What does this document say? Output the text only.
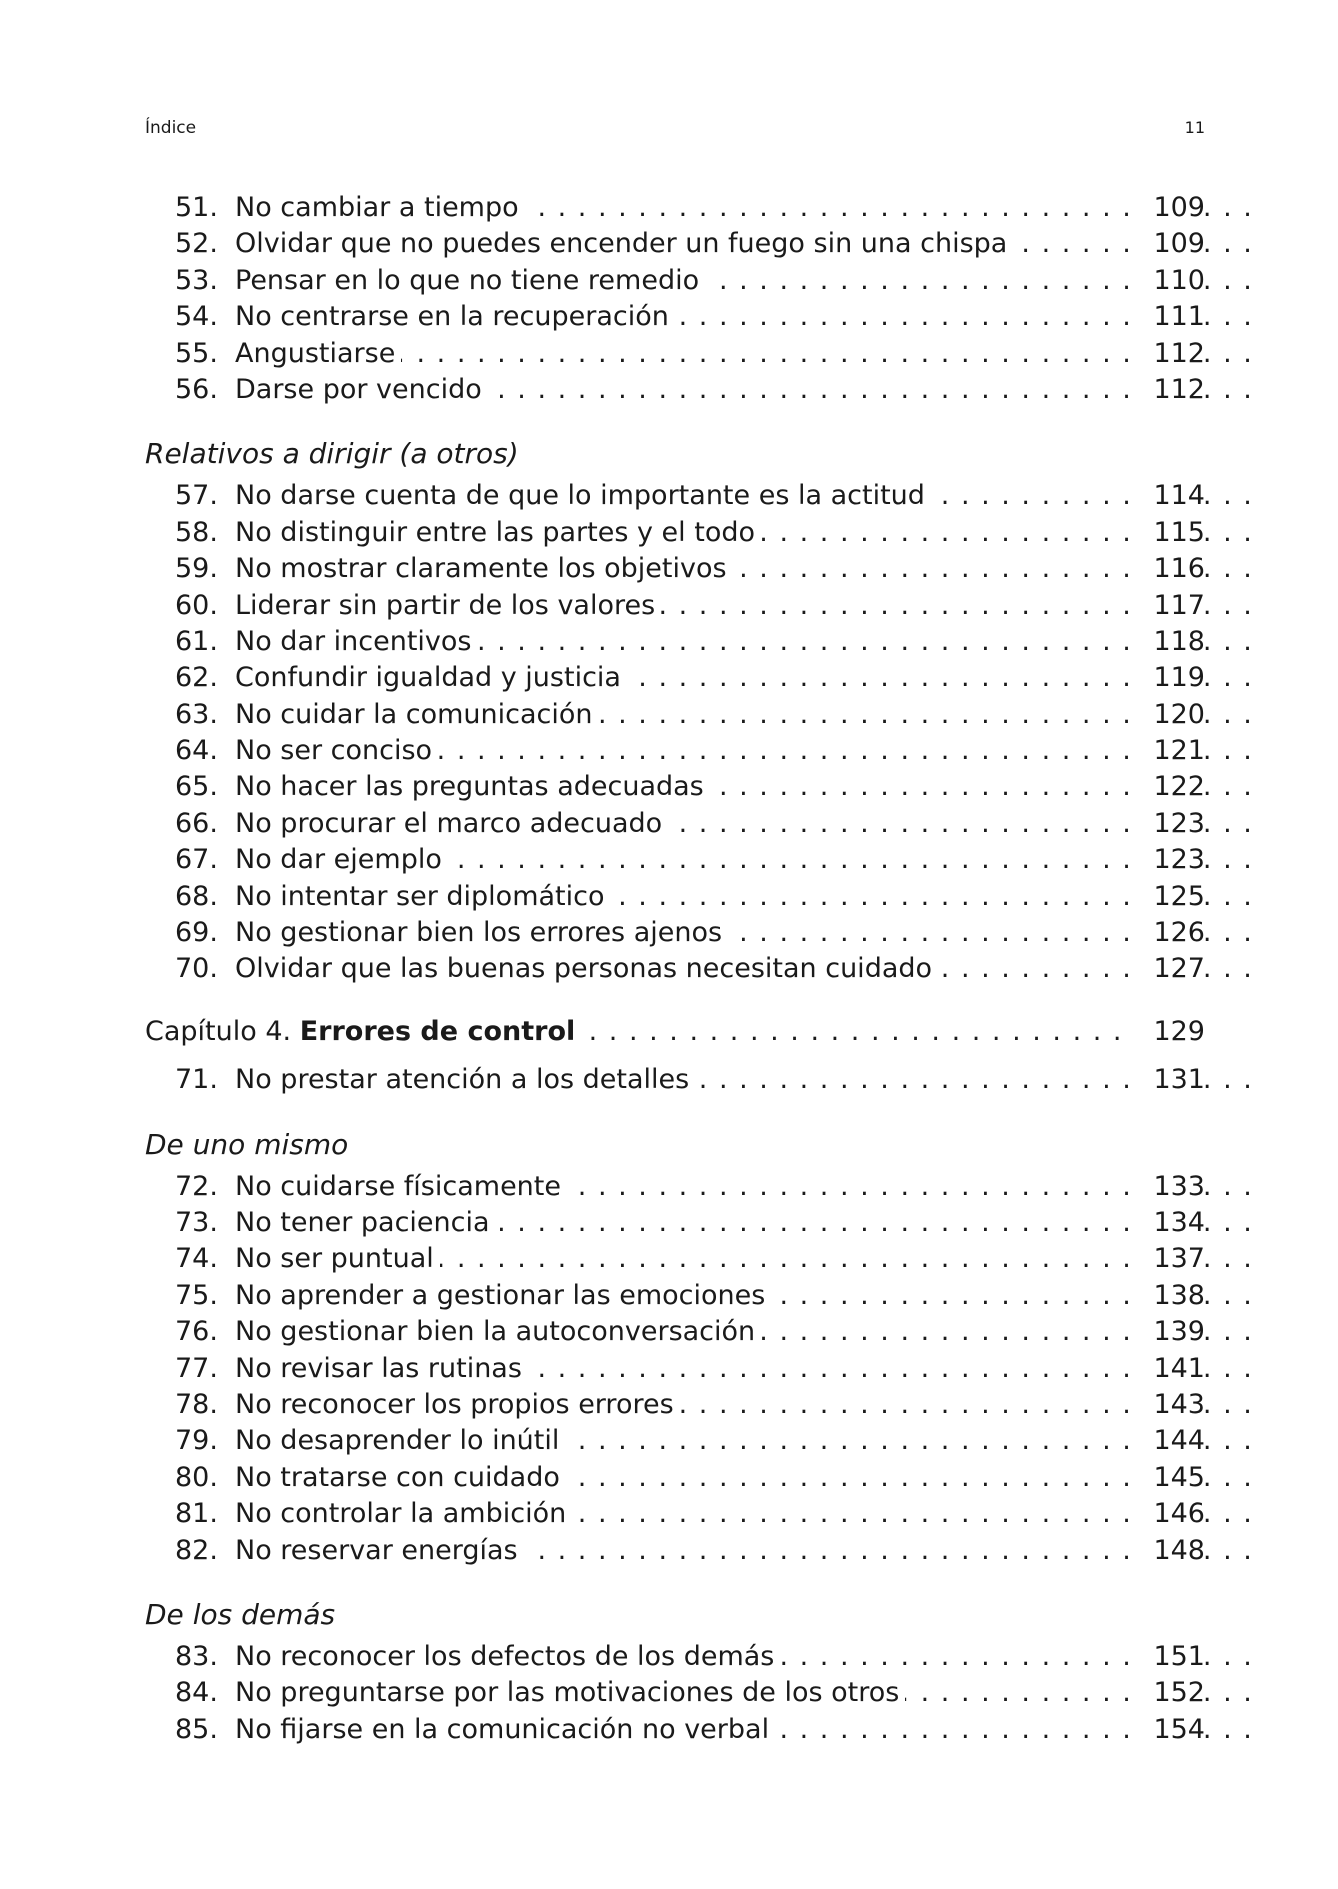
Índice	11
51. No cambiar a tiempo . . .	109
52. Olvidar que no puedes encender un fuego sin una chispa . . .	109
53. Pensar en lo que no tiene remedio . . .	110
54. No centrarse en la recuperación . . .	111
55. Angustiarse . . .	112
56. Darse por vencido . . .	112
Relativos a dirigir (a otros)
57. No darse cuenta de que lo importante es la actitud . . .	114
58. No distinguir entre las partes y el todo . . .	115
59. No mostrar claramente los objetivos . . .	116
60. Liderar sin partir de los valores . . .	117
61. No dar incentivos . . .	118
62. Confundir igualdad y justicia . . .	119
63. No cuidar la comunicación . . .	120
64. No ser conciso . . .	121
65. No hacer las preguntas adecuadas . . .	122
66. No procurar el marco adecuado . . .	123
67. No dar ejemplo . . .	123
68. No intentar ser diplomático . . .	125
69. No gestionar bien los errores ajenos . . .	126
70. Olvidar que las buenas personas necesitan cuidado . . .	127
Capítulo 4. Errores de control . . .	129
71. No prestar atención a los detalles . . .	131
De uno mismo
72. No cuidarse físicamente . . .	133
73. No tener paciencia . . .	134
74. No ser puntual . . .	137
75. No aprender a gestionar las emociones . . .	138
76. No gestionar bien la autoconversación . . .	139
77. No revisar las rutinas . . .	141
78. No reconocer los propios errores . . .	143
79. No desaprender lo inútil . . .	144
80. No tratarse con cuidado . . .	145
81. No controlar la ambición . . .	146
82. No reservar energías . . .	148
De los demás
83. No reconocer los defectos de los demás . . .	151
84. No preguntarse por las motivaciones de los otros . . .	152
85. No fijarse en la comunicación no verbal . . .	154
